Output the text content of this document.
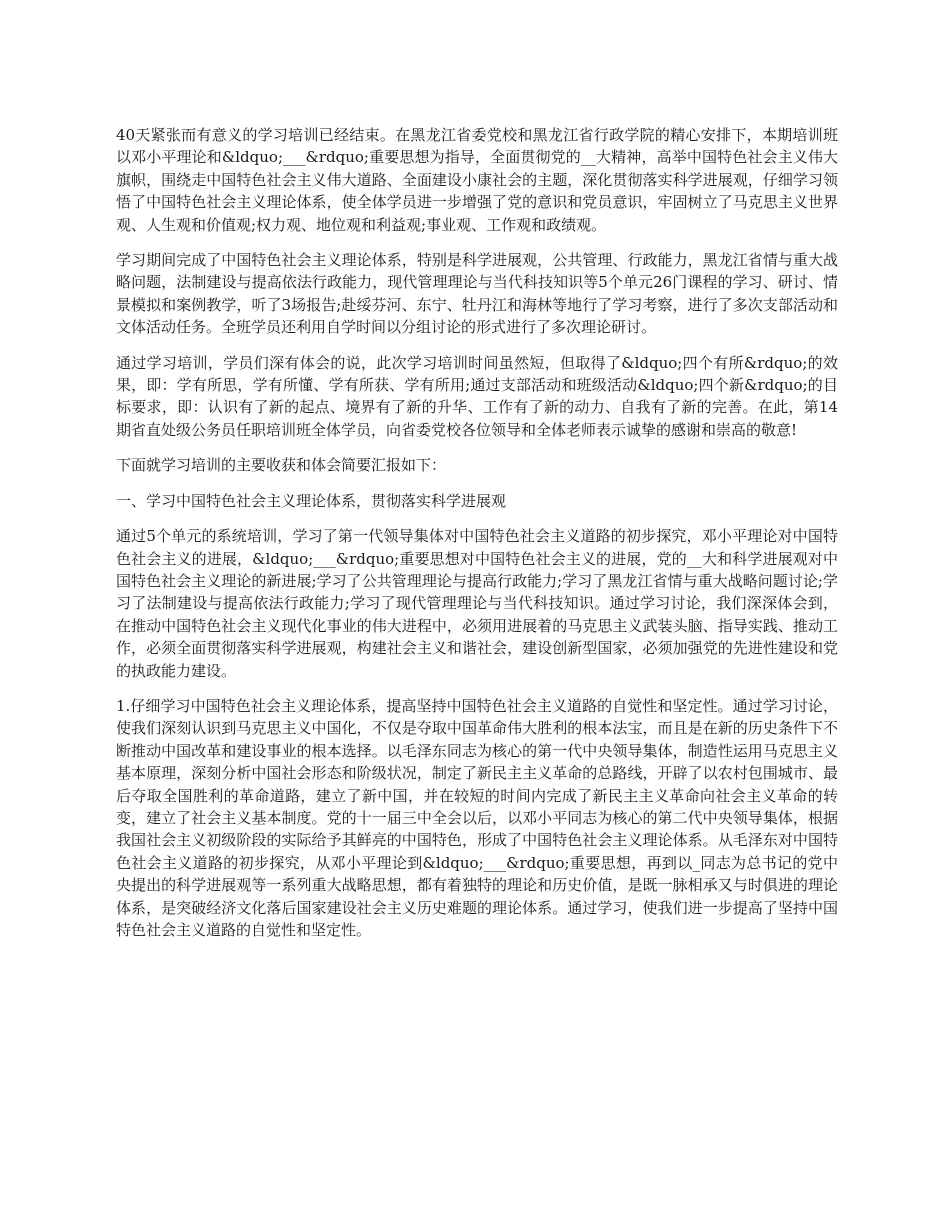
40天紧张而有意义的学习培训已经结束。在黑龙江省委党校和黑龙江省行政学院的精心安排下，本期培训班以邓小平理论和&ldquo;___&rdquo;重要思想为指导，全面贯彻党的__大精神，高举中国特色社会主义伟大旗帜，围绕走中国特色社会主义伟大道路、全面建设小康社会的主题，深化贯彻落实科学进展观，仔细学习领悟了中国特色社会主义理论体系，使全体学员进一步增强了党的意识和党员意识，牢固树立了马克思主义世界观、人生观和价值观;权力观、地位观和利益观;事业观、工作观和政绩观。

学习期间完成了中国特色社会主义理论体系，特别是科学进展观，公共管理、行政能力，黑龙江省情与重大战略问题，法制建设与提高依法行政能力，现代管理理论与当代科技知识等5个单元26门课程的学习、研讨、情景模拟和案例教学，听了3场报告;赴绥芬河、东宁、牡丹江和海林等地行了学习考察，进行了多次支部活动和文体活动任务。全班学员还利用自学时间以分组讨论的形式进行了多次理论研讨。

通过学习培训，学员们深有体会的说，此次学习培训时间虽然短，但取得了&ldquo;四个有所&rdquo;的效果，即：学有所思，学有所懂、学有所获、学有所用;通过支部活动和班级活动&ldquo;四个新&rdquo;的目标要求，即：认识有了新的起点、境界有了新的升华、工作有了新的动力、自我有了新的完善。在此，第14期省直处级公务员任职培训班全体学员，向省委党校各位领导和全体老师表示诚挚的感谢和崇高的敬意!

下面就学习培训的主要收获和体会简要汇报如下：

一、学习中国特色社会主义理论体系，贯彻落实科学进展观

通过5个单元的系统培训，学习了第一代领导集体对中国特色社会主义道路的初步探究，邓小平理论对中国特色社会主义的进展，&ldquo;___&rdquo;重要思想对中国特色社会主义的进展，党的__大和科学进展观对中国特色社会主义理论的新进展;学习了公共管理理论与提高行政能力;学习了黑龙江省情与重大战略问题讨论;学习了法制建设与提高依法行政能力;学习了现代管理理论与当代科技知识。通过学习讨论，我们深深体会到，在推动中国特色社会主义现代化事业的伟大进程中，必须用进展着的马克思主义武装头脑、指导实践、推动工作，必须全面贯彻落实科学进展观，构建社会主义和谐社会，建设创新型国家，必须加强党的先进性建设和党的执政能力建设。

1.仔细学习中国特色社会主义理论体系，提高坚持中国特色社会主义道路的自觉性和坚定性。通过学习讨论，使我们深刻认识到马克思主义中国化，不仅是夺取中国革命伟大胜利的根本法宝，而且是在新的历史条件下不断推动中国改革和建设事业的根本选择。以毛泽东同志为核心的第一代中央领导集体，制造性运用马克思主义基本原理，深刻分析中国社会形态和阶级状况，制定了新民主主义革命的总路线，开辟了以农村包围城市、最后夺取全国胜利的革命道路，建立了新中国，并在较短的时间内完成了新民主主义革命向社会主义革命的转变，建立了社会主义基本制度。党的十一届三中全会以后，以邓小平同志为核心的第二代中央领导集体，根据我国社会主义初级阶段的实际给予其鲜亮的中国特色，形成了中国特色社会主义理论体系。从毛泽东对中国特色社会主义道路的初步探究，从邓小平理论到&ldquo;___&rdquo;重要思想，再到以_同志为总书记的党中央提出的科学进展观等一系列重大战略思想，都有着独特的理论和历史价值，是既一脉相承又与时俱进的理论体系，是突破经济文化落后国家建设社会主义历史难题的理论体系。通过学习，使我们进一步提高了坚持中国特色社会主义道路的自觉性和坚定性。
